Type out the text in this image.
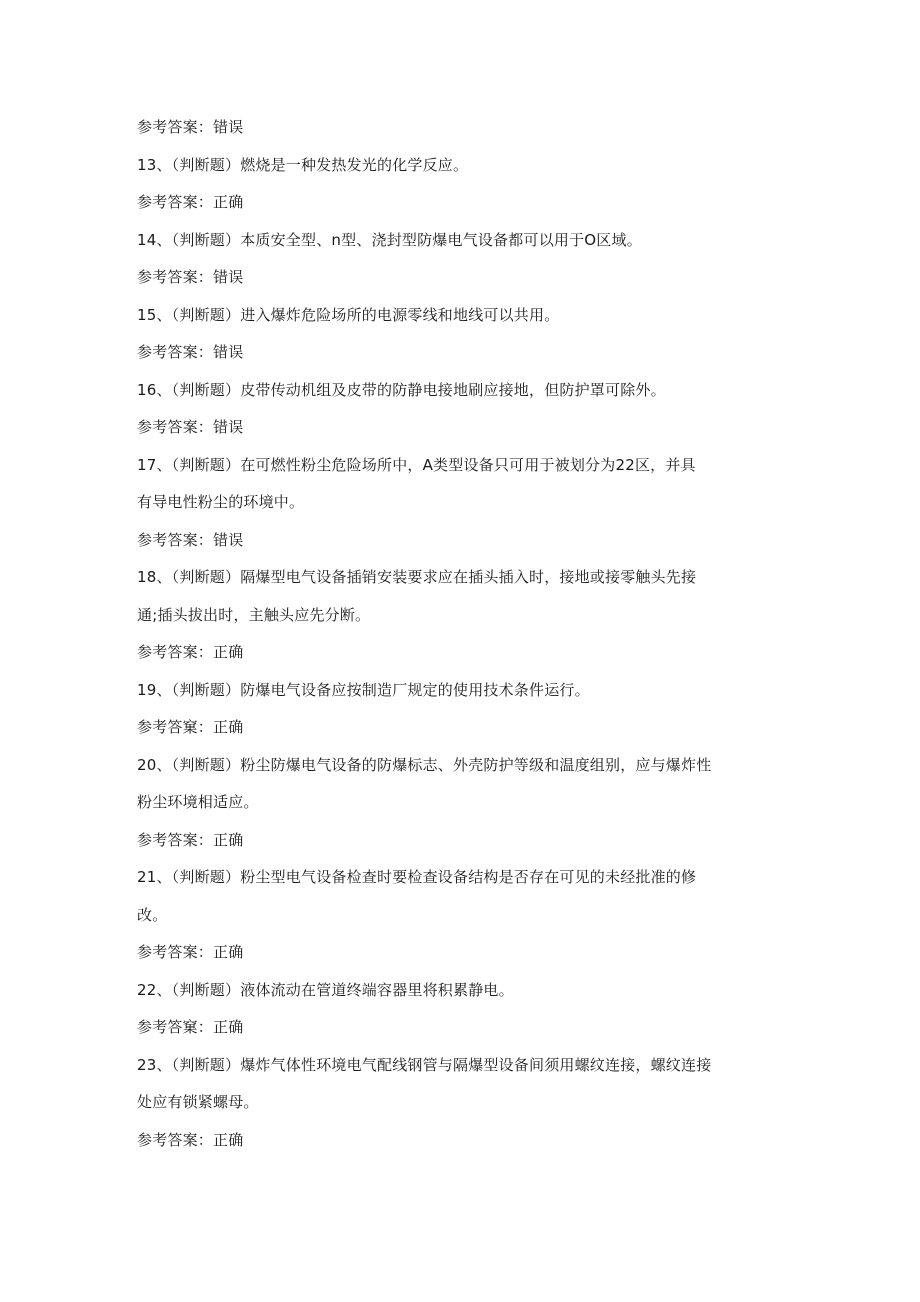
参考答案：错误
13、（判断题）燃烧是一种发热发光的化学反应。
参考答案：正确
14、（判断题）本质安全型、n型、浇封型防爆电气设备都可以用于O区域。
参考答案：错误
15、（判断题）进入爆炸危险场所的电源零线和地线可以共用。
参考答案：错误
16、（判断题）皮带传动机组及皮带的防静电接地刷应接地，但防护罩可除外。
参考答案：错误
17、（判断题）在可燃性粉尘危险场所中，A类型设备只可用于被划分为22区，并具
有导电性粉尘的环境中。
参考答案：错误
18、（判断题）隔爆型电气设备插销安装要求应在插头插入时，接地或接零触头先接
通;插头拔出时，主触头应先分断。
参考答案：正确
19、（判断题）防爆电气设备应按制造厂规定的使用技术条件运行。
参考答窠：正确
20、（判断题）粉尘防爆电气设备的防爆标志、外壳防护等级和温度组别，应与爆炸性
粉尘环境相适应。
参考答案：正确
21、（判断题）粉尘型电气设备检查时要检查设备结构是否存在可见的未经批准的修
改。
参考答案：正确
22、（判断题）液体流动在管道终端容器里将积累静电。
参考答窠：正确
23、（判断题）爆炸气体性环境电气配线钢管与隔爆型设备间须用螺纹连接，螺纹连接
处应有锁紧螺母。
参考答案：正确
